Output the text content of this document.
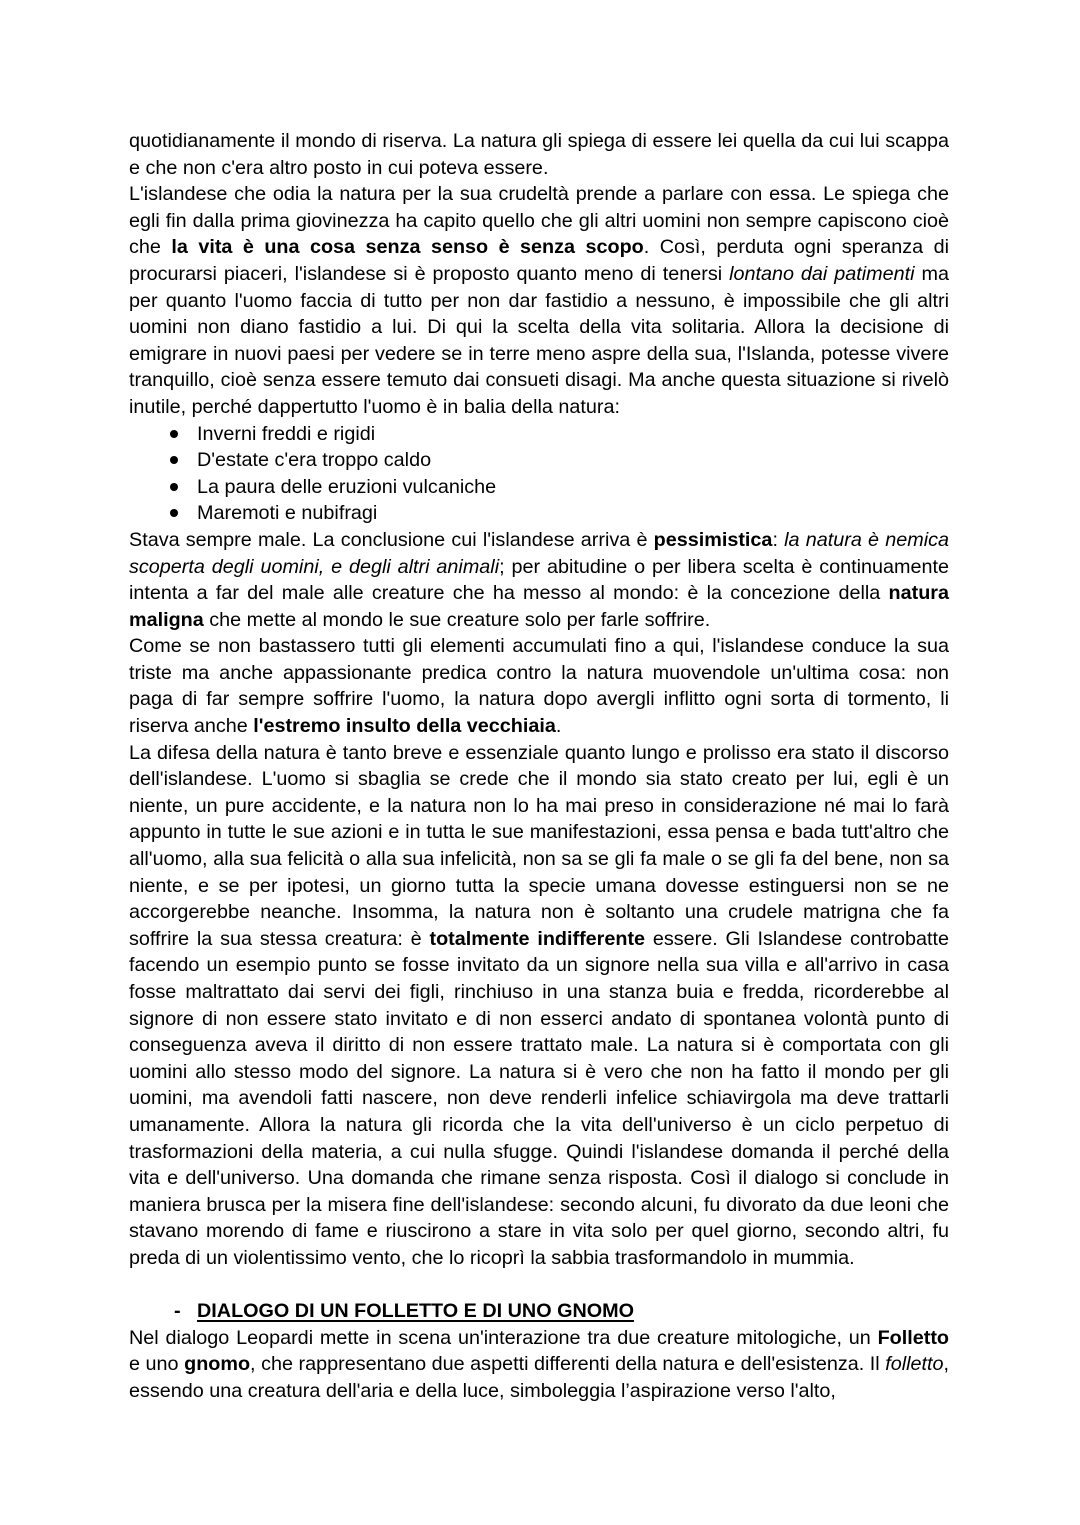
quotidianamente il mondo di riserva. La natura gli spiega di essere lei quella da cui lui scappa e che non c'era altro posto in cui poteva essere.

L'islandese che odia la natura per la sua crudeltà prende a parlare con essa. Le spiega che egli fin dalla prima giovinezza ha capito quello che gli altri uomini non sempre capiscono cioè che la vita è una cosa senza senso è senza scopo. Così, perduta ogni speranza di procurarsi piaceri, l'islandese si è proposto quanto meno di tenersi lontano dai patimenti ma per quanto l'uomo faccia di tutto per non dar fastidio a nessuno, è impossibile che gli altri uomini non diano fastidio a lui. Di qui la scelta della vita solitaria. Allora la decisione di emigrare in nuovi paesi per vedere se in terre meno aspre della sua, l'Islanda, potesse vivere tranquillo, cioè senza essere temuto dai consueti disagi. Ma anche questa situazione si rivelò inutile, perché dappertutto l'uomo è in balia della natura:

Inverni freddi e rigidi
D'estate c'era troppo caldo
La paura delle eruzioni vulcaniche
Maremoti e nubifragi

Stava sempre male. La conclusione cui l'islandese arriva è pessimistica: la natura è nemica scoperta degli uomini, e degli altri animali; per abitudine o per libera scelta è continuamente intenta a far del male alle creature che ha messo al mondo: è la concezione della natura maligna che mette al mondo le sue creature solo per farle soffrire.

Come se non bastassero tutti gli elementi accumulati fino a qui, l'islandese conduce la sua triste ma anche appassionante predica contro la natura muovendole un'ultima cosa: non paga di far sempre soffrire l'uomo, la natura dopo avergli inflitto ogni sorta di tormento, li riserva anche l'estremo insulto della vecchiaia.

La difesa della natura è tanto breve e essenziale quanto lungo e prolisso era stato il discorso dell'islandese. L'uomo si sbaglia se crede che il mondo sia stato creato per lui, egli è un niente, un pure accidente, e la natura non lo ha mai preso in considerazione né mai lo farà appunto in tutte le sue azioni e in tutta le sue manifestazioni, essa pensa e bada tutt'altro che all'uomo, alla sua felicità o alla sua infelicità, non sa se gli fa male o se gli fa del bene, non sa niente, e se per ipotesi, un giorno tutta la specie umana dovesse estinguersi non se ne accorgerebbe neanche. Insomma, la natura non è soltanto una crudele matrigna che fa soffrire la sua stessa creatura: è totalmente indifferente essere. Gli Islandese controbatte facendo un esempio punto se fosse invitato da un signore nella sua villa e all'arrivo in casa fosse maltrattato dai servi dei figli, rinchiuso in una stanza buia e fredda, ricorderebbe al signore di non essere stato invitato e di non esserci andato di spontanea volontà punto di conseguenza aveva il diritto di non essere trattato male. La natura si è comportata con gli uomini allo stesso modo del signore. La natura si è vero che non ha fatto il mondo per gli uomini, ma avendoli fatti nascere, non deve renderli infelice schiavirgola ma deve trattarli umanamente. Allora la natura gli ricorda che la vita dell'universo è un ciclo perpetuo di trasformazioni della materia, a cui nulla sfugge. Quindi l'islandese domanda il perché della vita e dell'universo. Una domanda che rimane senza risposta. Così il dialogo si conclude in maniera brusca per la misera fine dell'islandese: secondo alcuni, fu divorato da due leoni che stavano morendo di fame e riuscirono a stare in vita solo per quel giorno, secondo altri, fu preda di un violentissimo vento, che lo ricoprì la sabbia trasformandolo in mummia.

- DIALOGO DI UN FOLLETTO E DI UNO GNOMO

Nel dialogo Leopardi mette in scena un'interazione tra due creature mitologiche, un Folletto e uno gnomo, che rappresentano due aspetti differenti della natura e dell'esistenza. Il folletto, essendo una creatura dell'aria e della luce, simboleggia l’aspirazione verso l'alto,
